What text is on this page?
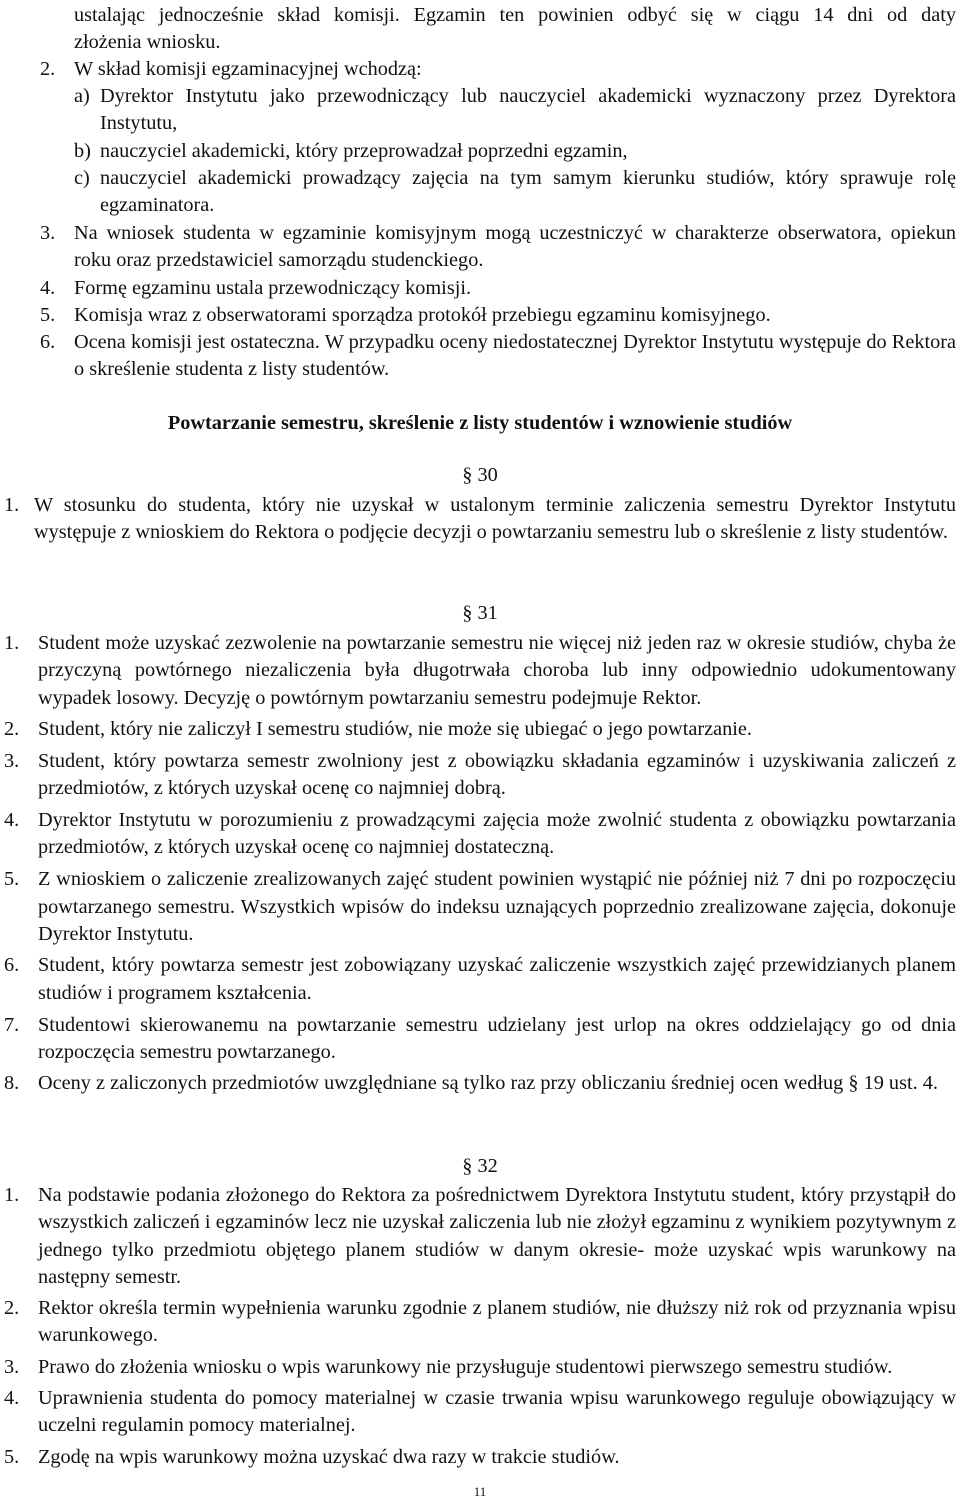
ustalając jednocześnie skład komisji. Egzamin ten powinien odbyć się w ciągu 14 dni od daty

złożenia wniosku.

2. W skład komisji egzaminacyjnej wchodzą:

a) Dyrektor Instytutu jako przewodniczący lub nauczyciel akademicki wyznaczony przez Dyrektora Instytutu,

b) nauczyciel akademicki, który przeprowadzał poprzedni egzamin,

c) nauczyciel akademicki prowadzący zajęcia na tym samym kierunku studiów, który sprawuje rolę egzaminatora.

3. Na wniosek studenta w egzaminie komisyjnym mogą uczestniczyć w charakterze obserwatora, opiekun roku oraz przedstawiciel samorządu studenckiego.

4. Formę egzaminu ustala przewodniczący komisji.

5. Komisja wraz z obserwatorami sporządza protokół przebiegu egzaminu komisyjnego.

6. Ocena komisji jest ostateczna. W przypadku oceny niedostatecznej Dyrektor Instytutu występuje do Rektora o skreślenie studenta z listy studentów.

Powtarzanie semestru, skreślenie z listy studentów i wznowienie studiów

§ 30

1. W stosunku do studenta, który nie uzyskał w ustalonym terminie zaliczenia semestru Dyrektor Instytutu występuje z wnioskiem do Rektora o podjęcie decyzji o powtarzaniu semestru lub o skreślenie z listy studentów.

§ 31

1. Student może uzyskać zezwolenie na powtarzanie semestru nie więcej niż jeden raz w okresie studiów, chyba że przyczyną powtórnego niezaliczenia była długotrwała choroba lub inny odpowiednio udokumentowany wypadek losowy. Decyzję o powtórnym powtarzaniu semestru podejmuje Rektor.

2. Student, który nie zaliczył I semestru studiów, nie może się ubiegać o jego powtarzanie.

3. Student, który powtarza semestr zwolniony jest z obowiązku składania egzaminów i uzyskiwania zaliczeń z przedmiotów, z których uzyskał ocenę co najmniej dobrą.

4. Dyrektor Instytutu w porozumieniu z prowadzącymi zajęcia może zwolnić studenta z obowiązku powtarzania przedmiotów, z których uzyskał ocenę co najmniej dostateczną.

5. Z wnioskiem o zaliczenie zrealizowanych zajęć student powinien wystąpić nie później niż 7 dni po rozpoczęciu powtarzanego semestru. Wszystkich wpisów do indeksu uznających poprzednio zrealizowane zajęcia, dokonuje Dyrektor Instytutu.

6. Student, który powtarza semestr jest zobowiązany uzyskać zaliczenie wszystkich zajęć przewidzianych planem studiów i programem kształcenia.

7. Studentowi skierowanemu na powtarzanie semestru udzielany jest urlop na okres oddzielający go od dnia rozpoczęcia semestru powtarzanego.

8. Oceny z zaliczonych przedmiotów uwzględniane są tylko raz przy obliczaniu średniej ocen według § 19 ust. 4.

§ 32

1. Na podstawie podania złożonego do Rektora za pośrednictwem Dyrektora Instytutu student, który przystąpił do wszystkich zaliczeń i egzaminów lecz nie uzyskał zaliczenia lub nie złożył egzaminu z wynikiem pozytywnym z jednego tylko przedmiotu objętego planem studiów w danym okresie- może uzyskać wpis warunkowy na następny semestr.

2. Rektor określa termin wypełnienia warunku zgodnie z planem studiów, nie dłuższy niż rok od przyznania wpisu warunkowego.

3. Prawo do złożenia wniosku o wpis warunkowy nie przysługuje studentowi pierwszego semestru studiów.

4. Uprawnienia studenta do pomocy materialnej w czasie trwania wpisu warunkowego reguluje obowiązujący w uczelni regulamin pomocy materialnej.

5. Zgodę na wpis warunkowy można uzyskać dwa razy w trakcie studiów.

11
